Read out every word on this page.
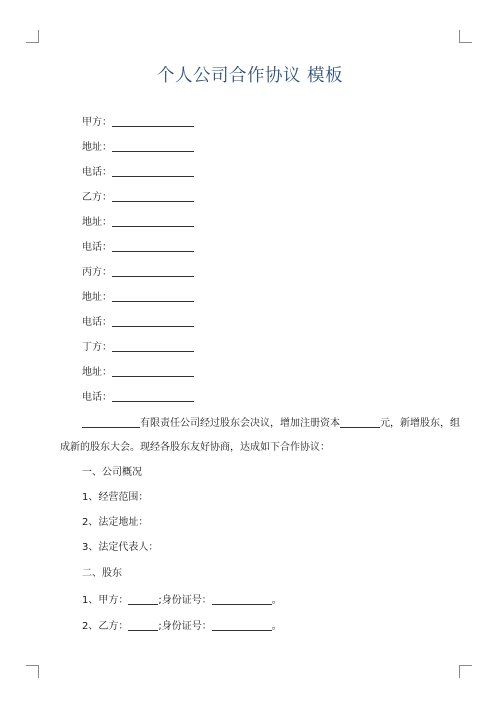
个人公司合作协议 模板
甲方：
地址：
电话：
乙方：
地址：
电话：
丙方：
地址：
电话：
丁方：
地址：
电话：
有限责任公司经过股东会决议，增加注册资本	元，新增股东，组
成新的股东大会。现经各股东友好协商，达成如下合作协议：
一、公司概况
1、经营范围：
2、法定地址：
3、法定代表人：
二、股东
1、甲方：	;身份证号：	。
2、乙方：	;身份证号：	。
